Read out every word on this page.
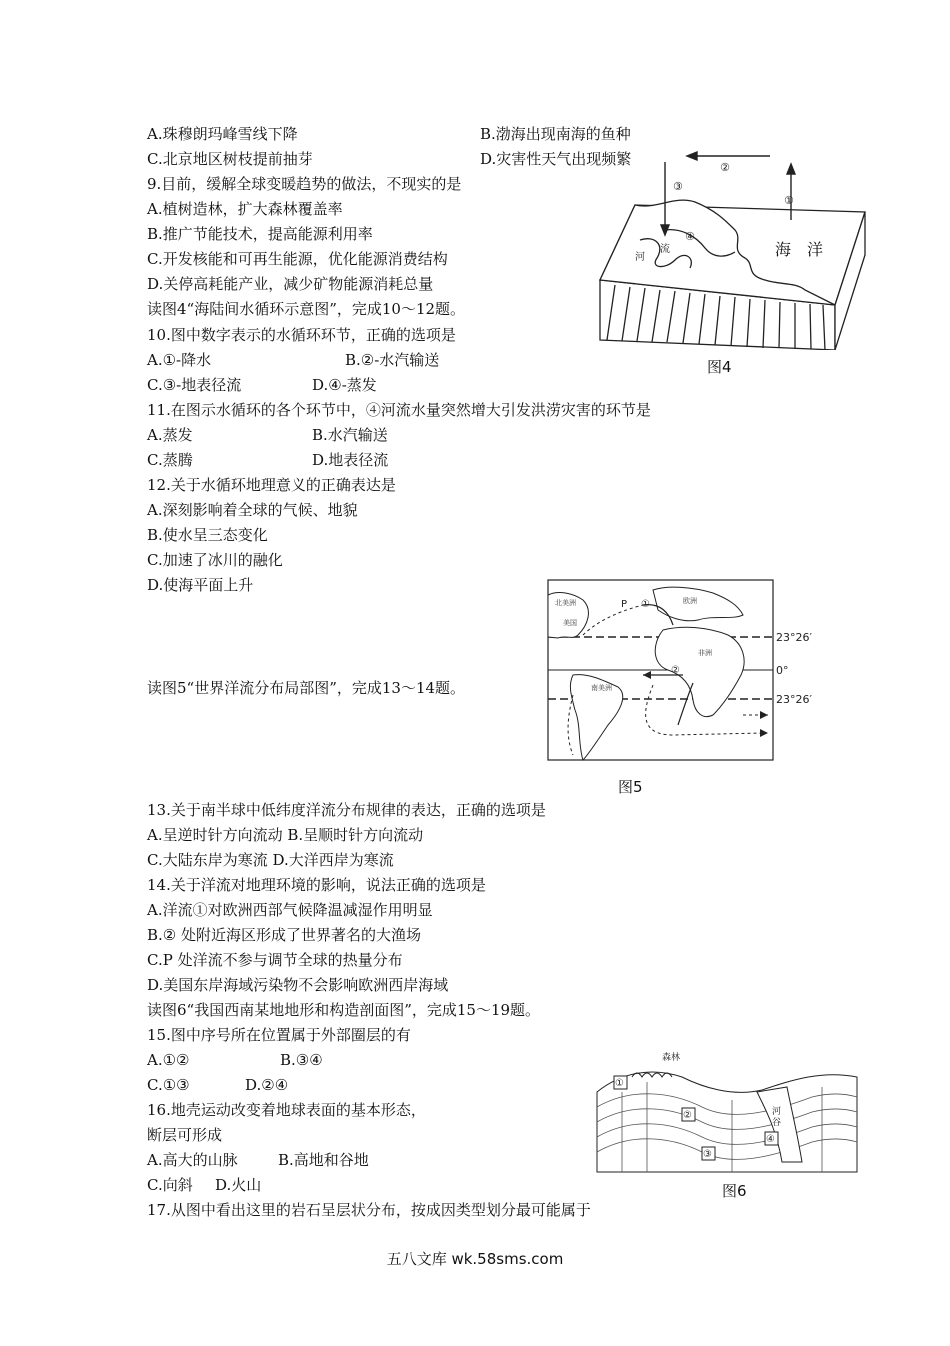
A.珠穆朗玛峰雪线下降	B.渤海出现南海的鱼种
C.北京地区树枝提前抽芽	D.灾害性天气出现频繁
9.目前，缓解全球变暖趋势的做法，不现实的是
A.植树造林，扩大森林覆盖率
B.推广节能技术，提高能源利用率
C.开发核能和可再生能源，优化能源消费结构
D.关停高耗能产业，减少矿物能源消耗总量
读图4“海陆间水循环示意图”，完成10～12题。
10.图中数字表示的水循环环节，正确的选项是
A.①-降水	B.②-水汽输送
C.③-地表径流	D.④-蒸发
11.在图示水循环的各个环节中，④河流水量突然增大引发洪涝灾害的环节是
A.蒸发	B.水汽输送
C.蒸腾	D.地表径流
12.关于水循环地理意义的正确表达是
A.深刻影响着全球的气候、地貌
B.使水呈三态变化
C.加速了冰川的融化
D.使海平面上升
读图5“世界洋流分布局部图”，完成13～14题。
13.关于南半球中低纬度洋流分布规律的表达，正确的选项是
A.呈逆时针方向流动 B.呈顺时针方向流动
C.大陆东岸为寒流 D.大洋西岸为寒流
14.关于洋流对地理环境的影响，说法正确的选项是
A.洋流①对欧洲西部气候降温减湿作用明显
B.② 处附近海区形成了世界著名的大渔场
C.P 处洋流不参与调节全球的热量分布
D.美国东岸海域污染物不会影响欧洲西岸海域
读图6“我国西南某地地形和构造剖面图”，完成15～19题。
15.图中序号所在位置属于外部圈层的有
A.①②	B.③④
C.①③	D.②④
16.地壳运动改变着地球表面的基本形态，
断层可形成
A.高大的山脉	B.高地和谷地
C.向斜 D.火山
17.从图中看出这里的岩石呈层状分布，按成因类型划分最可能属于
②
①
③
④
河
流	海　洋
图4
北美洲
美国
欧洲
非洲
南美洲
P ①
②
23°26′
0°
23°26′
图5
森林
河
谷
①
②
③
④
图6
五八文库 wk.58sms.com
